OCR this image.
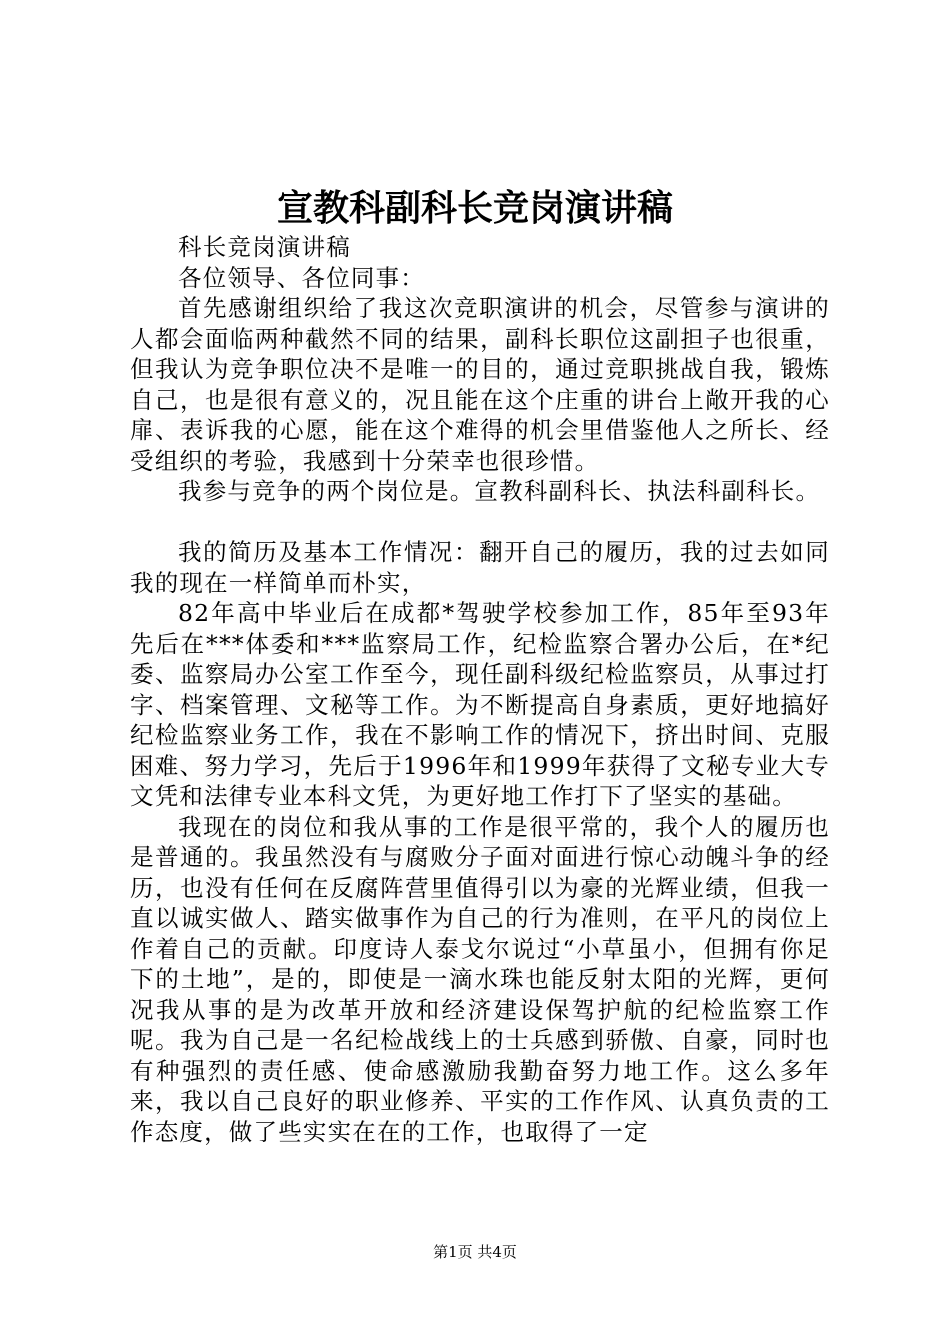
宣教科副科长竞岗演讲稿

科长竞岗演讲稿

各位领导、各位同事：

首先感谢组织给了我这次竞职演讲的机会，尽管参与演讲的人都会面临两种截然不同的结果，副科长职位这副担子也很重，但我认为竞争职位决不是唯一的目的，通过竞职挑战自我，锻炼自己，也是很有意义的，况且能在这个庄重的讲台上敞开我的心扉、表诉我的心愿，能在这个难得的机会里借鉴他人之所长、经受组织的考验，我感到十分荣幸也很珍惜。

我参与竞争的两个岗位是。宣教科副科长、执法科副科长。

我的简历及基本工作情况：翻开自己的履历，我的过去如同我的现在一样简单而朴实，

82年高中毕业后在成都*驾驶学校参加工作，85年至93年先后在***体委和***监察局工作，纪检监察合署办公后，在*纪委、监察局办公室工作至今，现任副科级纪检监察员，从事过打字、档案管理、文秘等工作。为不断提高自身素质，更好地搞好纪检监察业务工作，我在不影响工作的情况下，挤出时间、克服困难、努力学习，先后于1996年和1999年获得了文秘专业大专文凭和法律专业本科文凭，为更好地工作打下了坚实的基础。

我现在的岗位和我从事的工作是很平常的，我个人的履历也是普通的。我虽然没有与腐败分子面对面进行惊心动魄斗争的经历，也没有任何在反腐阵营里值得引以为豪的光辉业绩，但我一直以诚实做人、踏实做事作为自己的行为准则，在平凡的岗位上作着自己的贡献。印度诗人泰戈尔说过“小草虽小，但拥有你足下的土地”，是的，即使是一滴水珠也能反射太阳的光辉，更何况我从事的是为改革开放和经济建设保驾护航的纪检监察工作呢。我为自己是一名纪检战线上的士兵感到骄傲、自豪，同时也有种强烈的责任感、使命感激励我勤奋努力地工作。这么多年来，我以自己良好的职业修养、平实的工作作风、认真负责的工作态度，做了些实实在在的工作，也取得了一定

第1页 共4页
